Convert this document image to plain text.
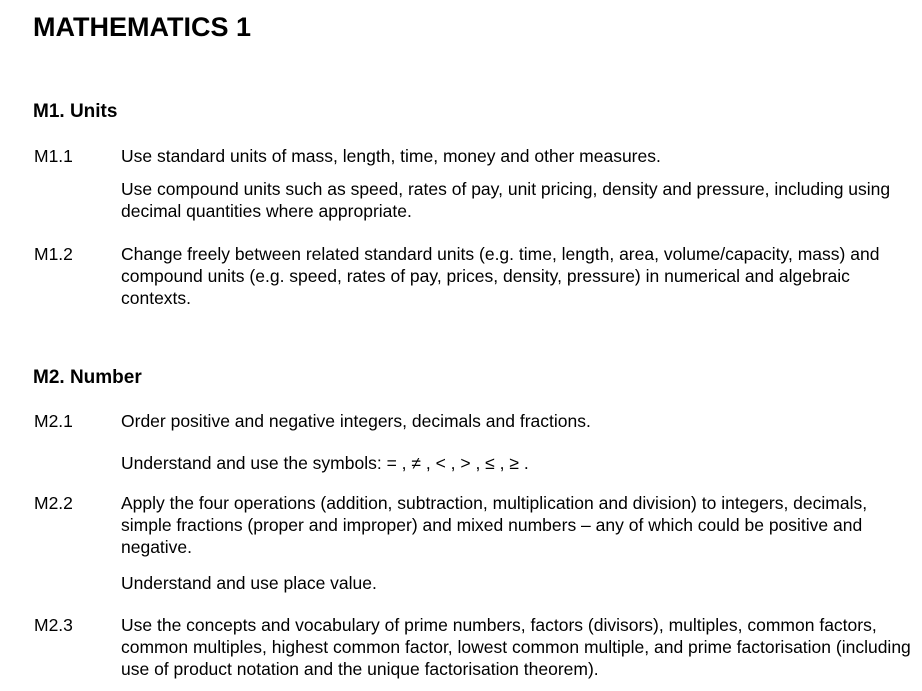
MATHEMATICS 1
M1. Units
M1.1	Use standard units of mass, length, time, money and other measures.

Use compound units such as speed, rates of pay, unit pricing, density and pressure, including using decimal quantities where appropriate.

M1.2	Change freely between related standard units (e.g. time, length, area, volume/capacity, mass) and compound units (e.g. speed, rates of pay, prices, density, pressure) in numerical and algebraic contexts.

M2. Number
M2.1	Order positive and negative integers, decimals and fractions.

Understand and use the symbols: = , ≠ , < , > , ≤ , ≥ .

M2.2	Apply the four operations (addition, subtraction, multiplication and division) to integers, decimals, simple fractions (proper and improper) and mixed numbers – any of which could be positive and negative.

Understand and use place value.

M2.3	Use the concepts and vocabulary of prime numbers, factors (divisors), multiples, common factors, common multiples, highest common factor, lowest common multiple, and prime factorisation (including use of product notation and the unique factorisation theorem).
